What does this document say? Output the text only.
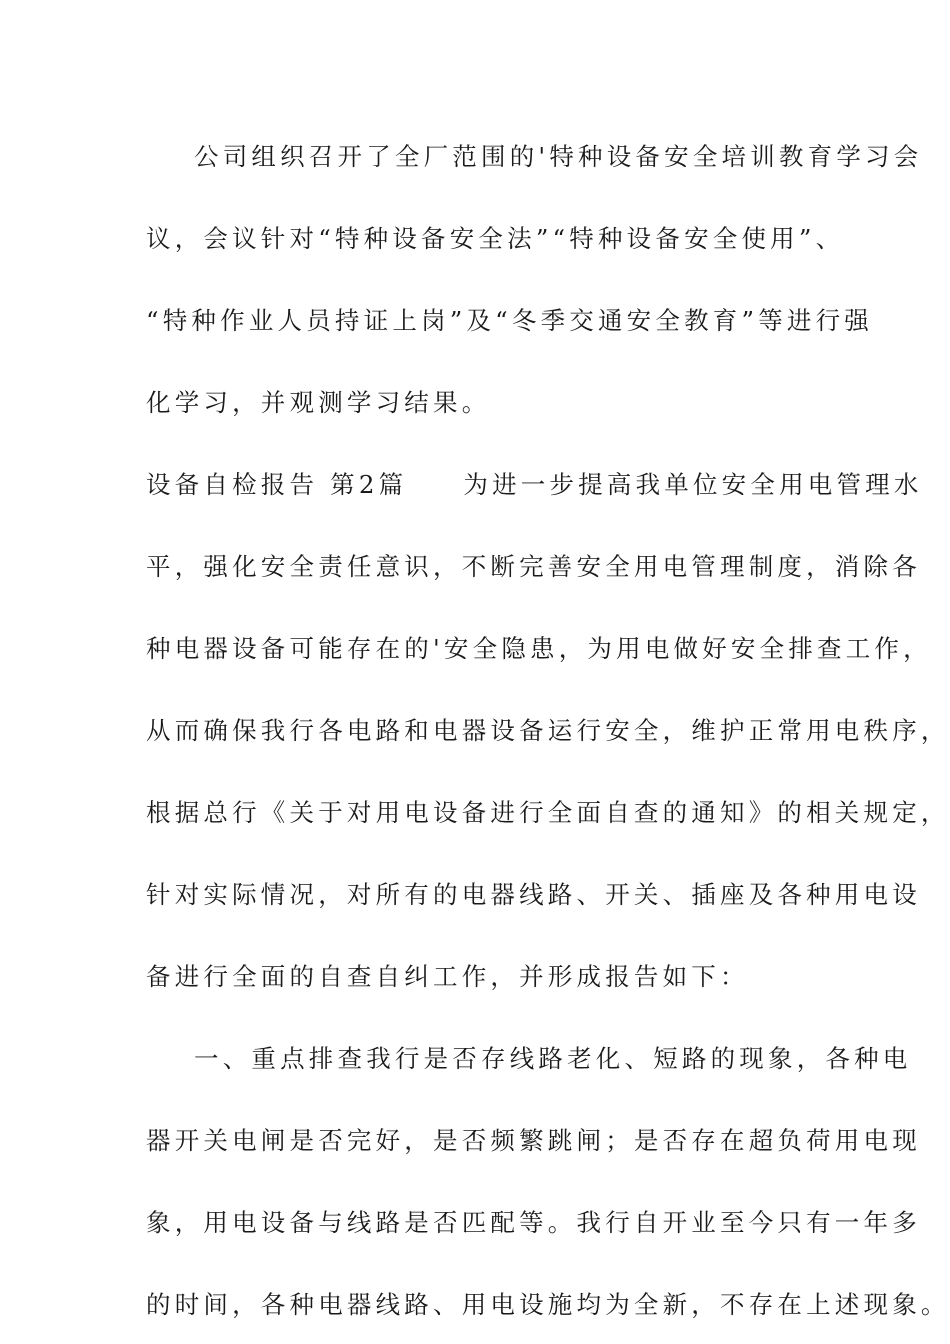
公司组织召开了全厂范围的'特种设备安全培训教育学习会
议，会议针对“特种设备安全法”“特种设备安全使用”、
“特种作业人员持证上岗”及“冬季交通安全教育”等进行强
化学习，并观测学习结果。
设备自检报告 第2篇 为进一步提高我单位安全用电管理水
平，强化安全责任意识，不断完善安全用电管理制度，消除各
种电器设备可能存在的'安全隐患，为用电做好安全排查工作，
从而确保我行各电路和电器设备运行安全，维护正常用电秩序，
根据总行《关于对用电设备进行全面自查的通知》的相关规定，
针对实际情况，对所有的电器线路、开关、插座及各种用电设
备进行全面的自查自纠工作，并形成报告如下：
一、重点排查我行是否存线路老化、短路的现象，各种电
器开关电闸是否完好，是否频繁跳闸；是否存在超负荷用电现
象，用电设备与线路是否匹配等。我行自开业至今只有一年多
的时间，各种电器线路、用电设施均为全新，不存在上述现象。
